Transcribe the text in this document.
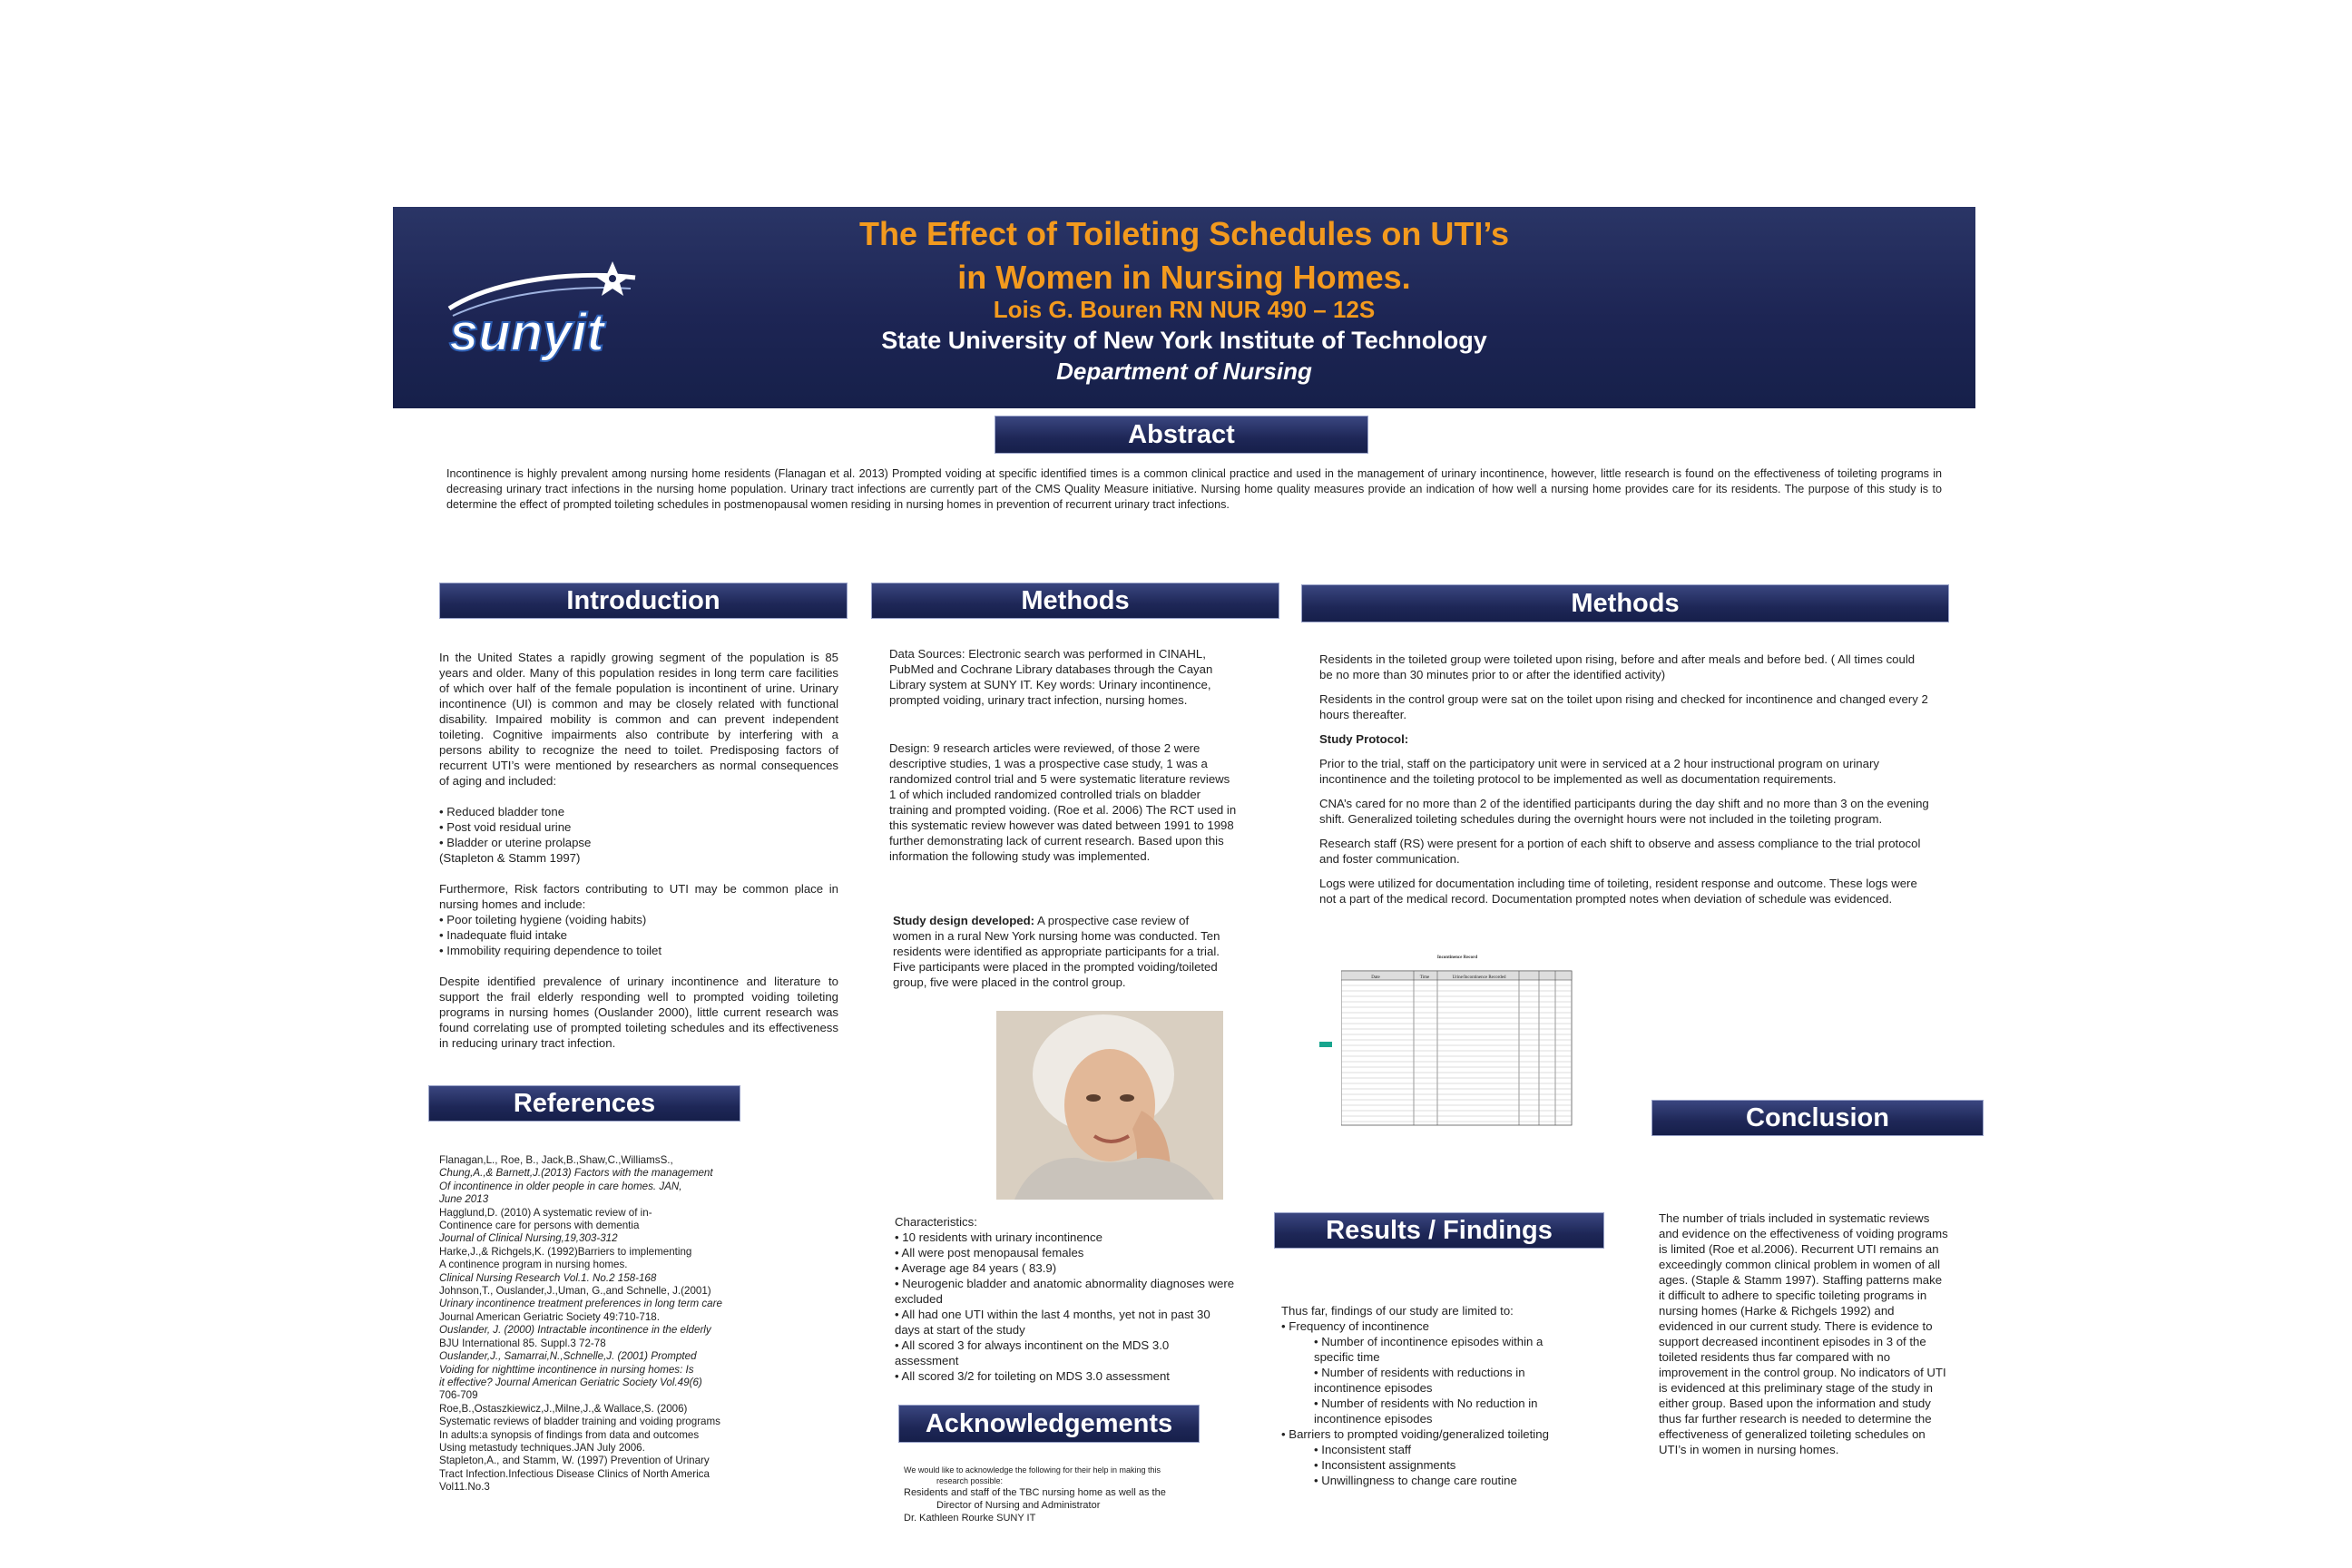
sunyit
The Effect of Toileting Schedules on UTI’s
in Women in Nursing Homes.
Lois G. Bouren RN NUR 490 – 12S
State University of New York Institute of Technology
Department of Nursing
Abstract
Incontinence is highly prevalent among nursing home residents (Flanagan et al. 2013) Prompted voiding at specific identified times is a common clinical practice and used in the management of urinary incontinence, however, little research is found on the effectiveness of toileting programs in decreasing urinary tract infections in the nursing home population. Urinary tract infections are currently part of the CMS Quality Measure initiative. Nursing home quality measures provide an indication of how well a nursing home provides care for its residents. The purpose of this study is to determine the effect of prompted toileting schedules in postmenopausal women residing in nursing homes in prevention of recurrent urinary tract infections.
Introduction

In the United States a rapidly growing segment of the population is 85 years and older. Many of this population resides in long term care facilities of which over half of the female population is incontinent of urine. Urinary incontinence (UI) is common and may be closely related with functional disability. Impaired mobility is common and can prevent independent toileting. Cognitive impairments also contribute by interfering with a persons ability to recognize the need to toilet. Predisposing factors of recurrent UTI’s were mentioned by researchers as normal consequences of aging and included:

• Reduced bladder tone
• Post void residual urine
• Bladder or uterine prolapse
(Stapleton & Stamm 1997)

Furthermore, Risk factors contributing to UTI may be common place in nursing homes and include:

• Poor toileting hygiene (voiding habits)
• Inadequate fluid intake
• Immobility requiring dependence to toilet

Despite identified prevalence of urinary incontinence and literature to support the frail elderly responding well to prompted voiding toileting programs in nursing homes (Ouslander 2000), little current research was found correlating use of prompted toileting schedules and its effectiveness in reducing urinary tract infection.

Methods
Data Sources: Electronic search was performed in CINAHL, PubMed and Cochrane Library databases through the Cayan Library system at SUNY IT. Key words: Urinary incontinence, prompted voiding, urinary tract infection, nursing homes.
Design: 9 research articles were reviewed, of those 2 were descriptive studies, 1 was a prospective case study, 1 was a randomized control trial and 5 were systematic literature reviews 1 of which included randomized controlled trials on bladder training and prompted voiding. (Roe et al. 2006) The RCT used in this systematic review however was dated between 1991 to 1998 further demonstrating lack of current research. Based upon this information the following study was implemented.
Study design developed: A prospective case review of women in a rural New York nursing home was conducted. Ten residents were identified as appropriate participants for a trial. Five participants were placed in the prompted voiding/toileted group, five were placed in the control group.
Characteristics:
• 10 residents with urinary incontinence
• All were post menopausal females
• Average age 84 years ( 83.9)
• Neurogenic bladder and anatomic abnormality diagnoses were excluded
• All had one UTI within the last 4 months, yet not in past 30 days at start of the study
• All scored 3 for always incontinent on the MDS 3.0 assessment
• All scored 3/2 for toileting on MDS 3.0 assessment
Methods

Residents in the toileted group were toileted upon rising, before and after meals and before bed. ( All times could be no more than 30 minutes prior to or after the identified activity)

Residents in the control group were sat on the toilet upon rising and checked for incontinence and changed every 2 hours thereafter.

Study Protocol:

Prior to the trial, staff on the participatory unit were in serviced at a 2 hour instructional program on urinary incontinence and the toileting protocol to be implemented as well as documentation requirements.

CNA’s cared for no more than 2 of the identified participants during the day shift and no more than 3 on the evening shift. Generalized toileting schedules during the overnight hours were not included in the toileting program.

Research staff (RS) were present for a portion of each shift to observe and assess compliance to the trial protocol and foster communication.

Logs were utilized for documentation including time of toileting, resident response and outcome. These logs were not a part of the medical record. Documentation prompted notes when deviation of schedule was evidenced.

Incontinence Record
Date	Time	Urine/Incontinence Recorded
References
Flanagan,L., Roe, B., Jack,B.,Shaw,C.,WilliamsS.,
Chung,A.,& Barnett,J.(2013) Factors with the management
Of incontinence in older people in care homes. JAN,
June 2013
Hagglund,D. (2010) A systematic review of in-
Continence care for persons with dementia
Journal of Clinical Nursing,19,303-312
Harke,J.,& Richgels,K. (1992)Barriers to implementing
A continence program in nursing homes.
Clinical Nursing Research Vol.1. No.2 158-168
Johnson,T., Ouslander,J.,Uman, G.,and Schnelle, J.(2001)
Urinary incontinence treatment preferences in long term care
Journal American Geriatric Society 49:710-718.
Ouslander, J. (2000) Intractable incontinence in the elderly
BJU International 85. Suppl.3 72-78
Ouslander,J., Samarrai,N.,Schnelle,J. (2001) Prompted
Voiding for nighttime incontinence in nursing homes: Is
it effective? Journal American Geriatric Society Vol.49(6)
706-709
Roe,B.,Ostaszkiewicz,J.,Milne,J.,& Wallace,S. (2006)
Systematic reviews of bladder training and voiding programs
In adults:a synopsis of findings from data and outcomes
Using metastudy techniques.JAN July 2006.
Stapleton,A., and Stamm, W. (1997) Prevention of Urinary
Tract Infection.Infectious Disease Clinics of North America
Vol11.No.3
Results / Findings
Thus far, findings of our study are limited to:
• Frequency of incontinence
• Number of incontinence episodes within a specific time
• Number of residents with reductions in incontinence episodes
• Number of residents with No reduction in incontinence episodes
• Barriers to prompted voiding/generalized toileting
• Inconsistent staff
• Inconsistent assignments
• Unwillingness to change care routine
Conclusion
The number of trials included in systematic reviews and evidence on the effectiveness of voiding programs is limited (Roe et al.2006). Recurrent UTI remains an exceedingly common clinical problem in women of all ages. (Staple & Stamm 1997). Staffing patterns make it difficult to adhere to specific toileting programs in nursing homes (Harke & Richgels 1992) and evidenced in our current study. There is evidence to support decreased incontinent episodes in 3 of the toileted residents thus far compared with no improvement in the control group. No indicators of UTI is evidenced at this preliminary stage of the study in either group. Based upon the information and study thus far further research is needed to determine the effectiveness of generalized toileting schedules on UTI’s in women in nursing homes.
Acknowledgements
We would like to acknowledge the following for their help in making this
research possible:
Residents and staff of the TBC nursing home as well as the
Director of Nursing and Administrator
Dr. Kathleen Rourke SUNY IT
